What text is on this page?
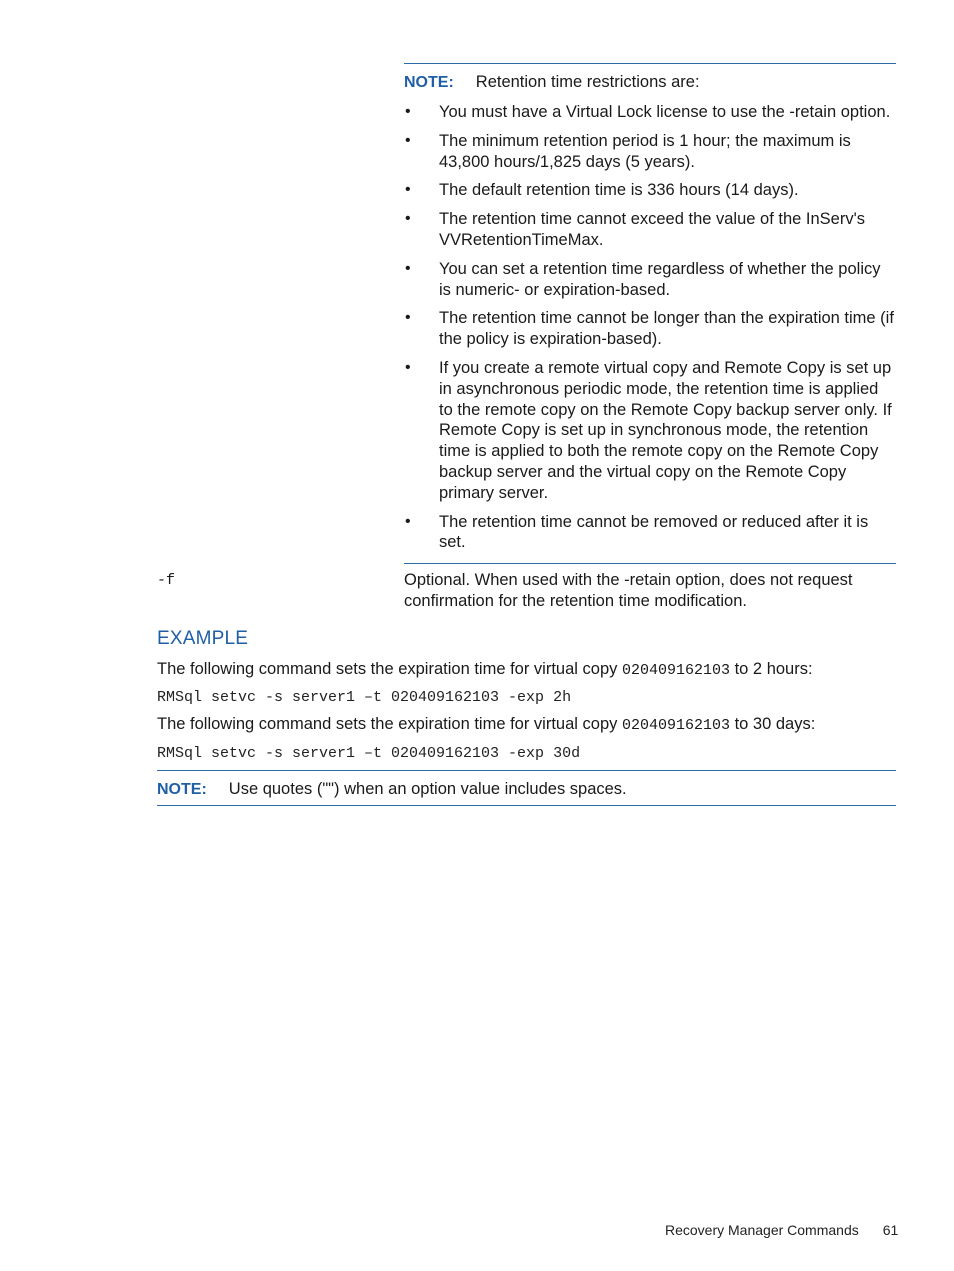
NOTE: Retention time restrictions are:
• You must have a Virtual Lock license to use the -retain option.
• The minimum retention period is 1 hour; the maximum is 43,800 hours/1,825 days (5 years).
• The default retention time is 336 hours (14 days).
• The retention time cannot exceed the value of the InServ's VVRetentionTimeMax.
• You can set a retention time regardless of whether the policy is numeric- or expiration-based.
• The retention time cannot be longer than the expiration time (if the policy is expiration-based).
• If you create a remote virtual copy and Remote Copy is set up in asynchronous periodic mode, the retention time is applied to the remote copy on the Remote Copy backup server only. If Remote Copy is set up in synchronous mode, the retention time is applied to both the remote copy on the Remote Copy backup server and the virtual copy on the Remote Copy primary server.
• The retention time cannot be removed or reduced after it is set.
-f	Optional. When used with the -retain option, does not request confirmation for the retention time modification.
EXAMPLE
The following command sets the expiration time for virtual copy 020409162103 to 2 hours:
RMSql setvc -s server1 –t 020409162103 -exp 2h
The following command sets the expiration time for virtual copy 020409162103 to 30 days:
RMSql setvc -s server1 –t 020409162103 -exp 30d
NOTE: Use quotes ("") when an option value includes spaces.
Recovery Manager Commands 61
